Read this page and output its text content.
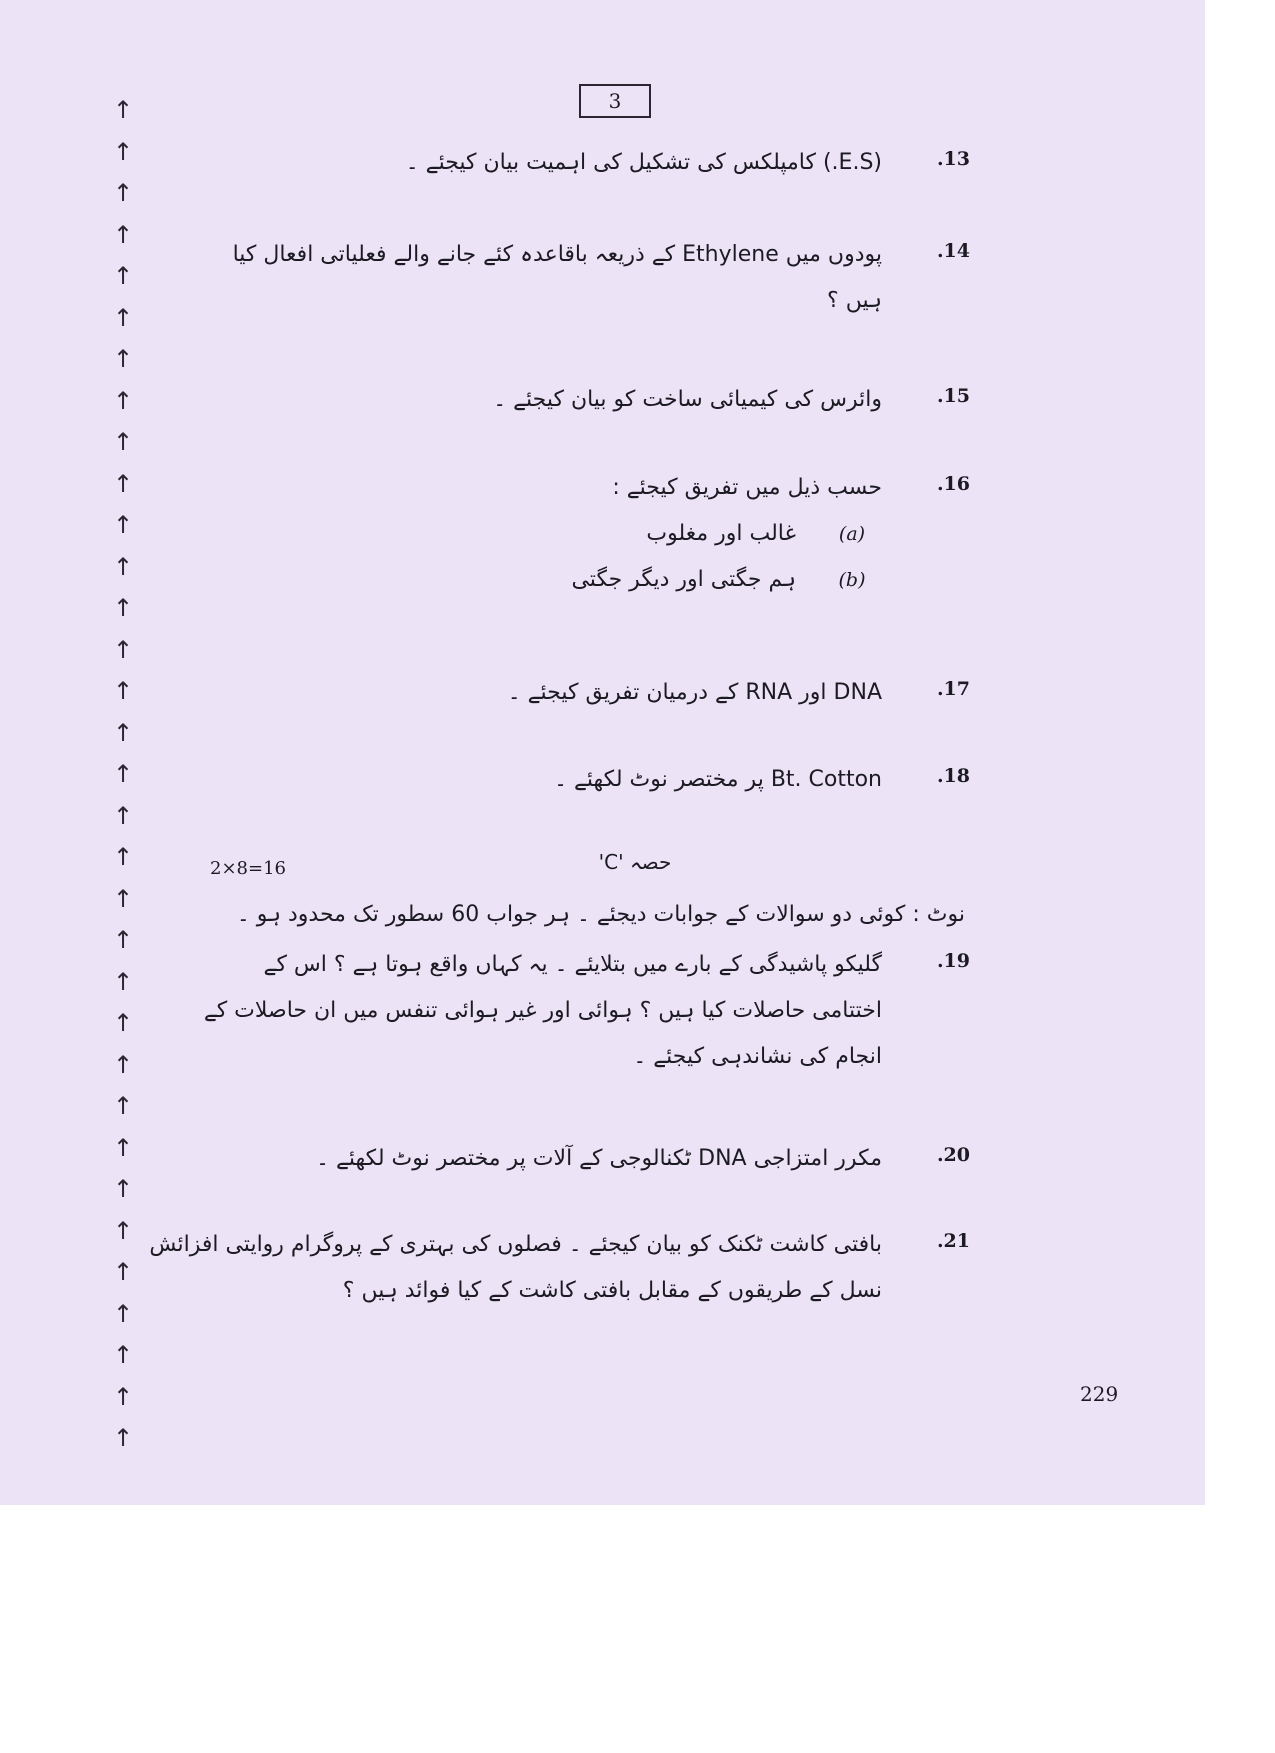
↑
↑
↑
↑
↑
↑
↑
↑
↑
↑
↑
↑
↑
↑
↑
↑
↑
↑
↑
↑
↑
↑
↑
↑
↑
↑
↑
↑
↑
↑
↑
↑
↑
3
.13
(E.S.) کامپلکس کی تشکیل کی اہمیت بیان کیجئے ۔
.14
پودوں میں Ethylene کے ذریعہ باقاعدہ کئے جانے والے فعلیاتی افعال کیا
ہیں ؟
.15
وائرس کی کیمیائی ساخت کو بیان کیجئے ۔
.16
حسب ذیل میں تفریق کیجئے :
(a)
غالب اور مغلوب
(b)
ہم جگتی اور دیگر جگتی
.17
DNA اور RNA کے درمیان تفریق کیجئے ۔
.18
Bt. Cotton پر مختصر نوٹ لکھئے ۔
حصہ 'C'
2×8=16
نوٹ : کوئی دو سوالات کے جوابات دیجئے ۔ ہر جواب 60 سطور تک محدود ہو ۔
.19
گلیکو پاشیدگی کے بارے میں بتلایئے ۔ یہ کہاں واقع ہوتا ہے ؟ اس کے
اختتامی حاصلات کیا ہیں ؟ ہوائی اور غیر ہوائی تنفس میں ان حاصلات کے
انجام کی نشاندہی کیجئے ۔
.20
مکرر امتزاجی DNA ٹکنالوجی کے آلات پر مختصر نوٹ لکھئے ۔
.21
بافتی کاشت ٹکنک کو بیان کیجئے ۔ فصلوں کی بہتری کے پروگرام روایتی افزائش
نسل کے طریقوں کے مقابل بافتی کاشت کے کیا فوائد ہیں ؟
229
